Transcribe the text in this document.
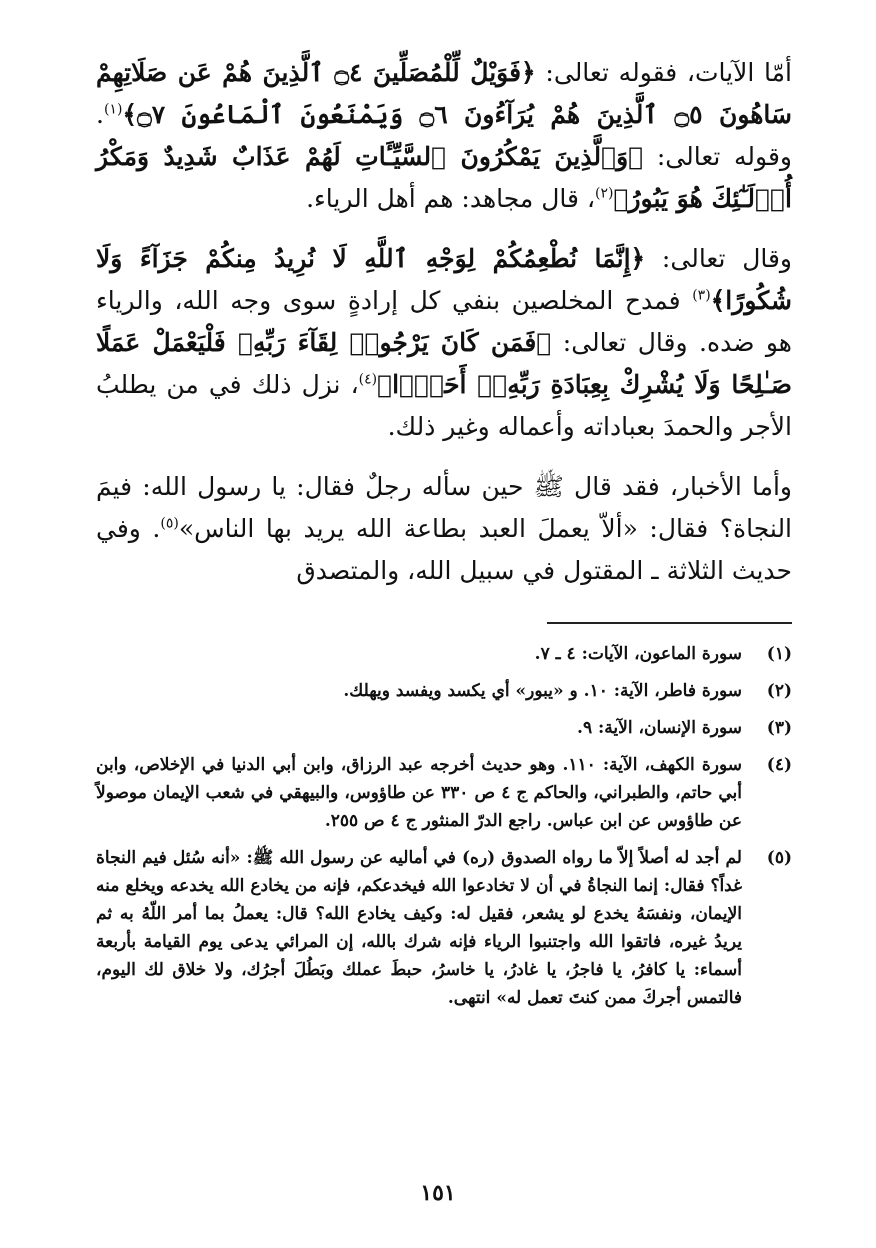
أمّا الآيات، فقوله تعالى: ﴿فَوَيْلٌ لِّلْمُصَلِّينَ ۝٤ ٱلَّذِينَ هُمْ عَن صَلَاتِهِمْ سَاهُونَ ۝٥ ٱلَّذِينَ هُمْ يُرَآءُونَ ۝٦ وَيَمْنَعُونَ ٱلْمَاعُونَ ۝٧﴾$^{(١)}$. وقوله تعالى: ﴿وَٱلَّذِينَ يَمْكُرُونَ ٱلسَّيِّـَٔاتِ لَهُمْ عَذَابٌ شَدِيدٌ وَمَكْرُ أُو۟لَـٰٓئِكَ هُوَ يَبُورُ﴾$^{(٢)}$، قال مجاهد: هم أهل الرياء.

وقال تعالى: ﴿إِنَّمَا نُطْعِمُكُمْ لِوَجْهِ ٱللَّهِ لَا نُرِيدُ مِنكُمْ جَزَآءً وَلَا شُكُورًا﴾$^{(٣)}$ فمدح المخلصين بنفي كل إرادةٍ سوى وجه الله، والرياء هو ضده. وقال تعالى: ﴿فَمَن كَانَ يَرْجُوا۟ لِقَآءَ رَبِّهِۦ فَلْيَعْمَلْ عَمَلًا صَـٰلِحًا وَلَا يُشْرِكْ بِعِبَادَةِ رَبِّهِۦٓ أَحَدًۢا﴾$^{(٤)}$، نزل ذلك في من يطلبُ الأجر والحمدَ بعباداته وأعماله وغير ذلك.

وأما الأخبار، فقد قال ﷺ حين سأله رجلٌ فقال: يا رسول الله: فيمَ النجاة؟ فقال: «ألاّ يعملَ العبد بطاعة الله يريد بها الناس»$^{(٥)}$. وفي حديث الثلاثة ـ المقتول في سبيل الله، والمتصدق

(١)
سورة الماعون، الآيات: ٤ ـ ٧.
(٢)
سورة فاطر، الآية: ١٠. و «يبور» أي يكسد ويفسد ويهلك.
(٣)
سورة الإنسان، الآية: ٩.
(٤)
سورة الكهف، الآية: ١١٠. وهو حديث أخرجه عبد الرزاق، وابن أبي الدنيا في الإخلاص، وابن أبي حاتم، والطبراني، والحاكم ج ٤ ص ٣٣٠ عن طاؤوس، والبيهقي في شعب الإيمان موصولاً عن طاؤوس عن ابن عباس. راجع الدرّ المنثور ج ٤ ص ٢٥٥.
(٥)
لم أجد له أصلاً إلاّ ما رواه الصدوق (ره) في أماليه عن رسول الله ﷺ: «أنه سُئل فيم النجاة غداً؟ فقال: إنما النجاةُ في أن لا تخادعوا الله فيخدعكم، فإنه من يخادع الله يخدعه ويخلع منه الإيمان، ونفسَهُ يخدع لو يشعر، فقيل له: وكيف يخادع الله؟ قال: يعملُ بما أمر اللّهُ به ثم يريدُ غيره، فاتقوا الله واجتنبوا الرياء فإنه شرك بالله، إن المرائي يدعى يوم القيامة بأربعة أسماء: يا كافرُ، يا فاجرُ، يا غادرُ، يا خاسرُ، حبطَ عملك وبَطُلَ أجرُك، ولا خلاق لك اليوم، فالتمس أجركَ ممن كنتَ تعمل له» انتهى.
١٥١
